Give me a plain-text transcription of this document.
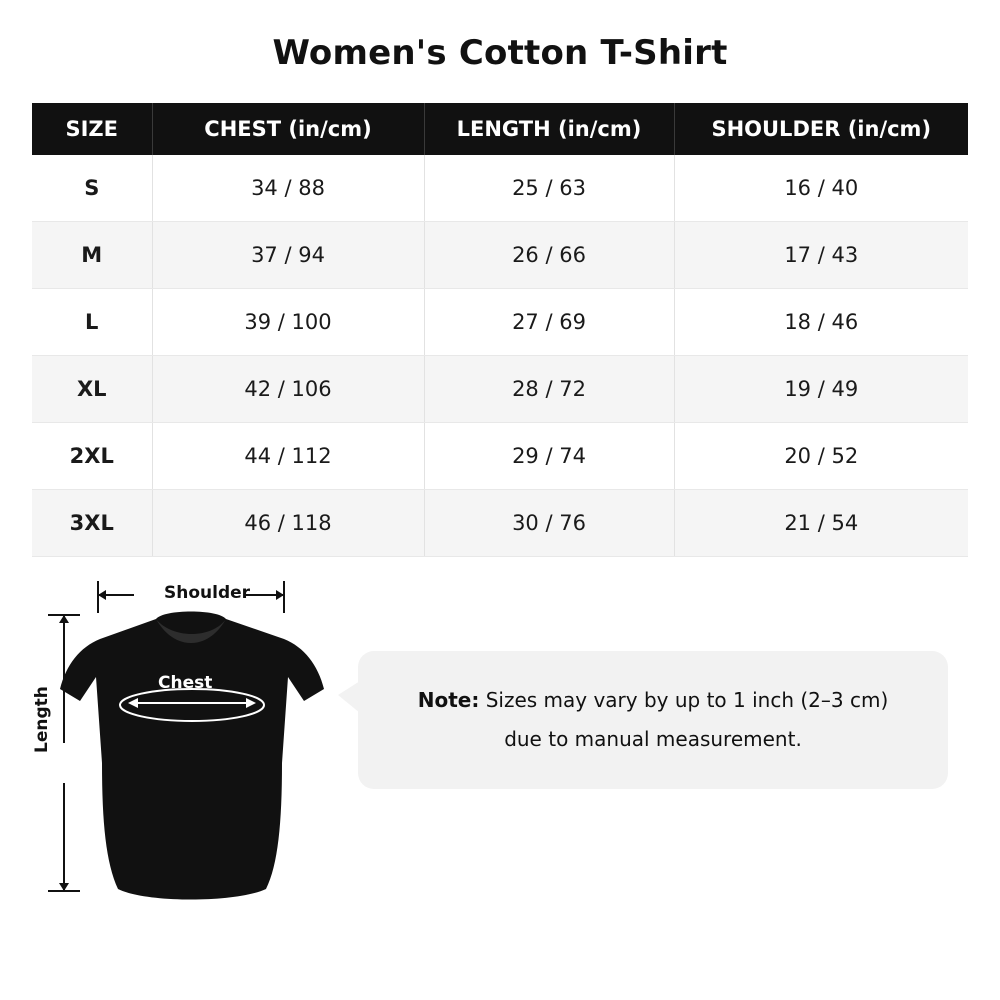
Women's Cotton T-Shirt
SIZE	CHEST (in/cm)	LENGTH (in/cm)	SHOULDER (in/cm)
S	34 / 88	25 / 63	16 / 40
M	37 / 94	26 / 66	17 / 43
L	39 / 100	27 / 69	18 / 46
XL	42 / 106	28 / 72	19 / 49
2XL	44 / 112	29 / 74	20 / 52
3XL	46 / 118	30 / 76	21 / 54
Shoulder
Chest
Length	Note: Sizes may vary by up to 1 inch (2–3 cm)
due to manual measurement.
